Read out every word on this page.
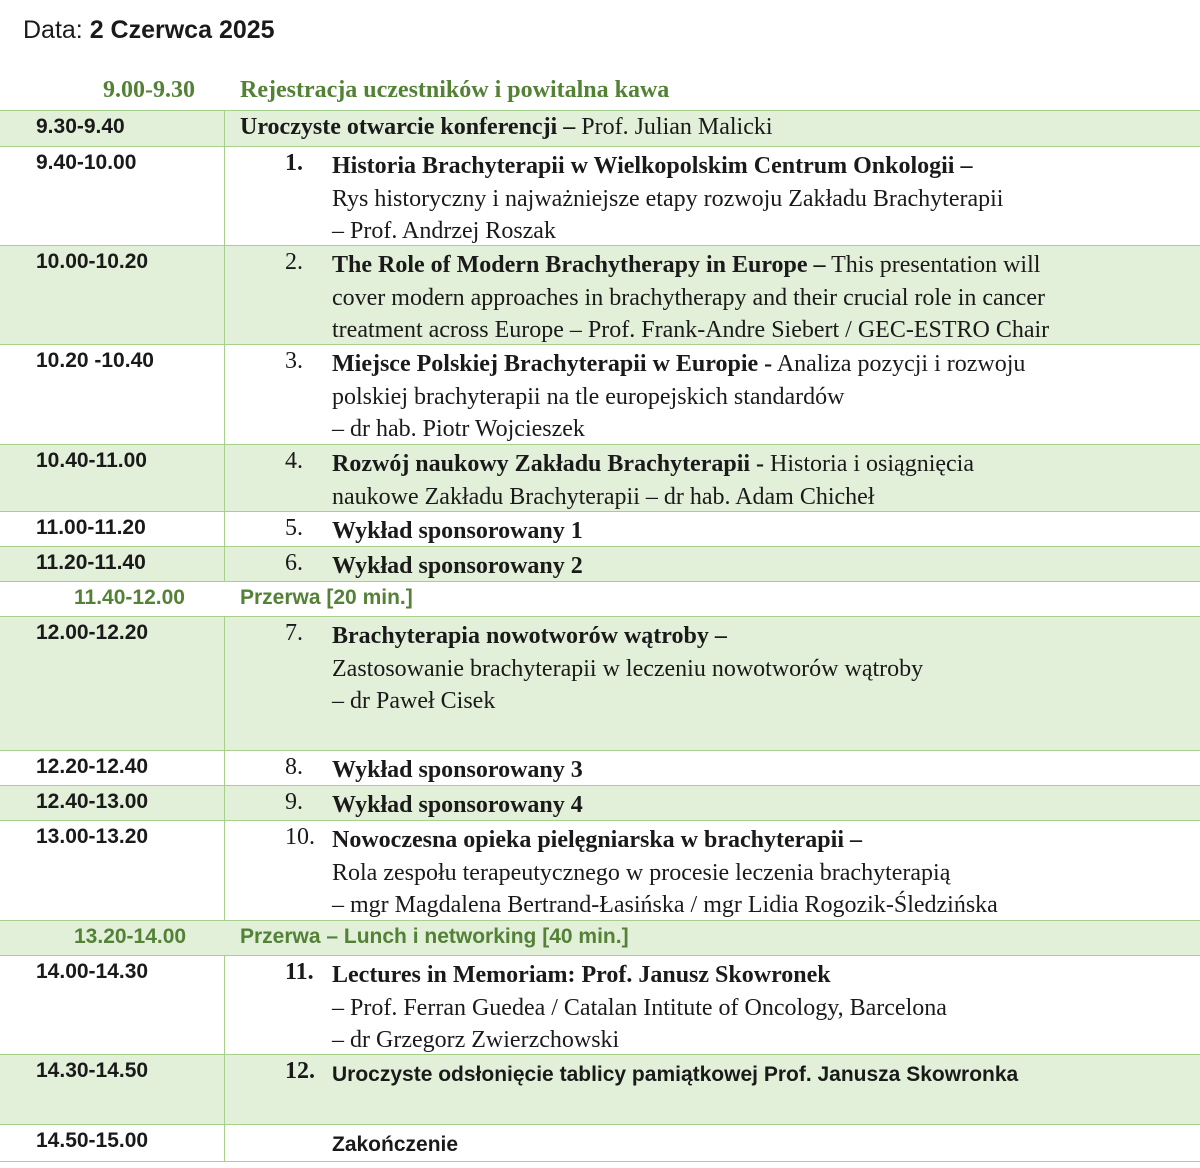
Data: 2 Czerwca 2025
9.00-9.30 Rejestracja uczestników i powitalna kawa
9.30-9.40	Uroczyste otwarcie konferencji – Prof. Julian Malicki
9.40-10.00	1. Historia Brachyterapii w Wielkopolskim Centrum Onkologii –
Rys historyczny i najważniejsze etapy rozwoju Zakładu Brachyterapii
– Prof. Andrzej Roszak
10.00-10.20	2. The Role of Modern Brachytherapy in Europe – This presentation will
cover modern approaches in brachytherapy and their crucial role in cancer
treatment across Europe – Prof. Frank-Andre Siebert / GEC-ESTRO Chair
10.20 -10.40	3. Miejsce Polskiej Brachyterapii w Europie - Analiza pozycji i rozwoju
polskiej brachyterapii na tle europejskich standardów
– dr hab. Piotr Wojcieszek
10.40-11.00	4. Rozwój naukowy Zakładu Brachyterapii - Historia i osiągnięcia
naukowe Zakładu Brachyterapii – dr hab. Adam Chicheł
11.00-11.20	5. Wykład sponsorowany 1
11.20-11.40	6. Wykład sponsorowany 2
11.40-12.00	Przerwa [20 min.]
12.00-12.20	7. Brachyterapia nowotworów wątroby –
Zastosowanie brachyterapii w leczeniu nowotworów wątroby
– dr Paweł Cisek
12.20-12.40	8. Wykład sponsorowany 3
12.40-13.00	9. Wykład sponsorowany 4
13.00-13.20	10. Nowoczesna opieka pielęgniarska w brachyterapii –
Rola zespołu terapeutycznego w procesie leczenia brachyterapią
– mgr Magdalena Bertrand-Łasińska / mgr Lidia Rogozik-Śledzińska
13.20-14.00	Przerwa – Lunch i networking [40 min.]
14.00-14.30	11. Lectures in Memoriam: Prof. Janusz Skowronek
– Prof. Ferran Guedea / Catalan Intitute of Oncology, Barcelona
– dr Grzegorz Zwierzchowski
14.30-14.50	12. Uroczyste odsłonięcie tablicy pamiątkowej Prof. Janusza Skowronka
14.50-15.00	Zakończenie
